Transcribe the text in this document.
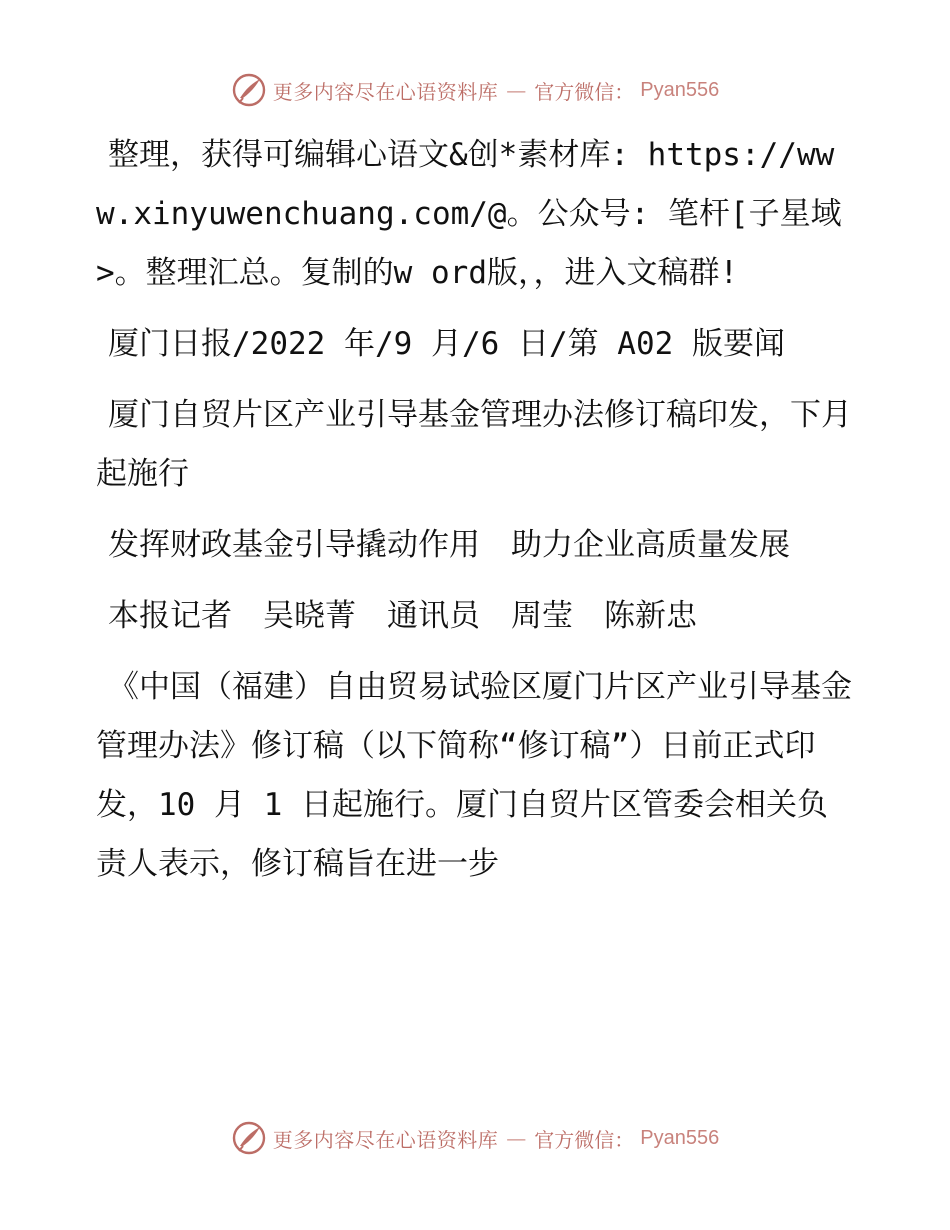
更多内容尽在心语资料库 — 官方微信： Pyan556

整理，获得可编辑心语文&创*素材库: https://www.xinyuwenchuang.com/@。公众号: 笔杆[子星域>。整理汇总。复制的w ord版，，进入文稿群!

厦门日报/2022 年/9 月/6 日/第 A02 版要闻

厦门自贸片区产业引导基金管理办法修订稿印发，下月起施行

发挥财政基金引导撬动作用　助力企业高质量发展

本报记者　吴晓菁　通讯员　周莹　陈新忠

《中国（福建）自由贸易试验区厦门片区产业引导基金管理办法》修订稿（以下简称“修订稿”）日前正式印发，10 月 1 日起施行。厦门自贸片区管委会相关负责人表示，修订稿旨在进一步

更多内容尽在心语资料库 — 官方微信： Pyan556
